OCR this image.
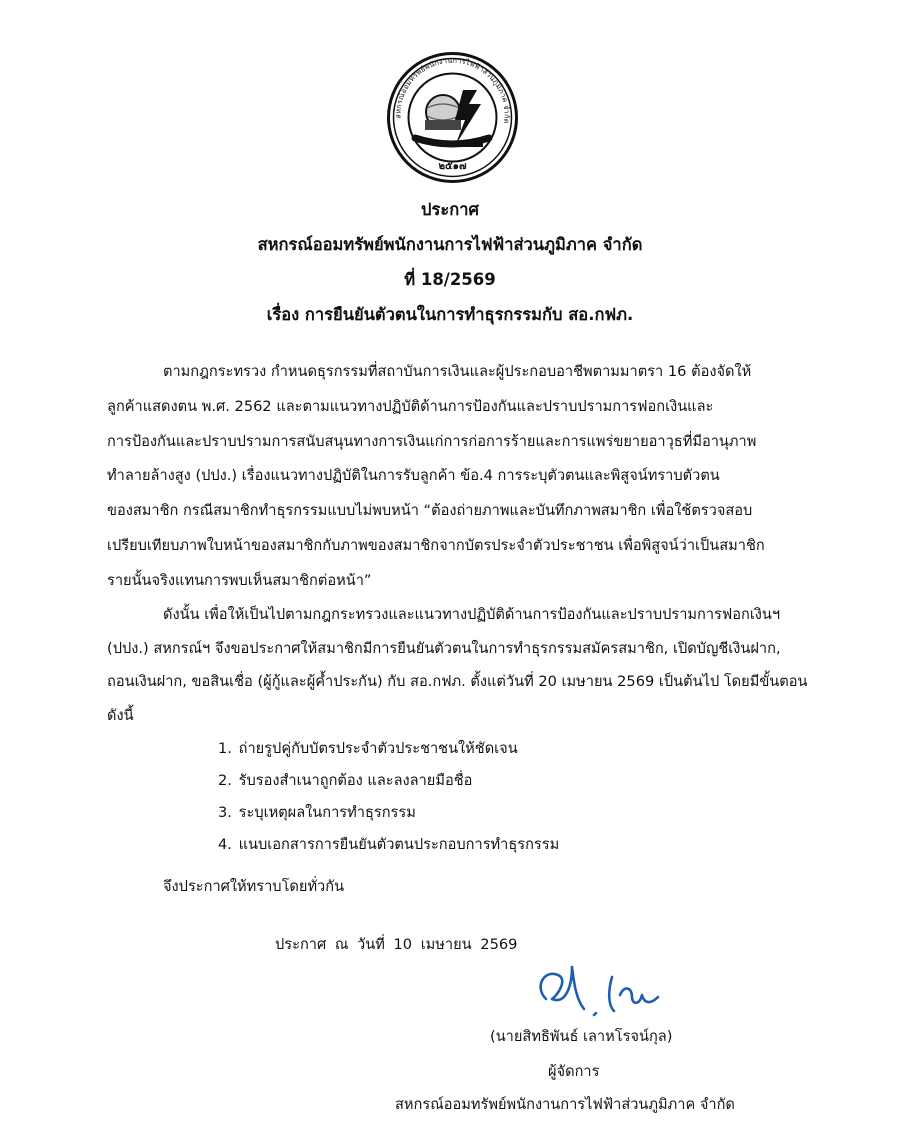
สหกรณ์ออมทรัพย์พนักงานการไฟฟ้าส่วนภูมิภาค จำกัด
๒๕๑๗
ประกาศ
สหกรณ์ออมทรัพย์พนักงานการไฟฟ้าส่วนภูมิภาค จำกัด
ที่ 18/2569
เรื่อง การยืนยันตัวตนในการทำธุรกรรมกับ สอ.กฟภ.
ตามกฎกระทรวง กำหนดธุรกรรมที่สถาบันการเงินและผู้ประกอบอาชีพตามมาตรา 16 ต้องจัดให้
ลูกค้าแสดงตน พ.ศ. 2562 และตามแนวทางปฏิบัติด้านการป้องกันและปราบปรามการฟอกเงินและ
การป้องกันและปราบปรามการสนับสนุนทางการเงินแก่การก่อการร้ายและการแพร่ขยายอาวุธที่มีอานุภาพ
ทำลายล้างสูง (ปปง.) เรื่องแนวทางปฏิบัติในการรับลูกค้า ข้อ.4 การระบุตัวตนและพิสูจน์ทราบตัวตน
ของสมาชิก กรณีสมาชิกทำธุรกรรมแบบไม่พบหน้า “ต้องถ่ายภาพและบันทึกภาพสมาชิก เพื่อใช้ตรวจสอบ
เปรียบเทียบภาพใบหน้าของสมาชิกกับภาพของสมาชิกจากบัตรประจำตัวประชาชน เพื่อพิสูจน์ว่าเป็นสมาชิก
รายนั้นจริงแทนการพบเห็นสมาชิกต่อหน้า”
ดังนั้น เพื่อให้เป็นไปตามกฎกระทรวงและแนวทางปฏิบัติด้านการป้องกันและปราบปรามการฟอกเงินฯ
(ปปง.) สหกรณ์ฯ จึงขอประกาศให้สมาชิกมีการยืนยันตัวตนในการทำธุรกรรมสมัครสมาชิก, เปิดบัญชีเงินฝาก,
ถอนเงินฝาก, ขอสินเชื่อ (ผู้กู้และผู้ค้ำประกัน) กับ สอ.กฟภ. ตั้งแต่วันที่ 20 เมษายน 2569 เป็นต้นไป โดยมีขั้นตอน
ดังนี้
1. ถ่ายรูปคู่กับบัตรประจำตัวประชาชนให้ชัดเจน
2. รับรองสำเนาถูกต้อง และลงลายมือชื่อ
3. ระบุเหตุผลในการทำธุรกรรม
4. แนบเอกสารการยืนยันตัวตนประกอบการทำธุรกรรม
จึงประกาศให้ทราบโดยทั่วกัน
ประกาศ ณ วันที่ 10 เมษายน 2569
(นายสิทธิพันธ์ เลาหโรจน์กุล)
ผู้จัดการ
สหกรณ์ออมทรัพย์พนักงานการไฟฟ้าส่วนภูมิภาค จำกัด
